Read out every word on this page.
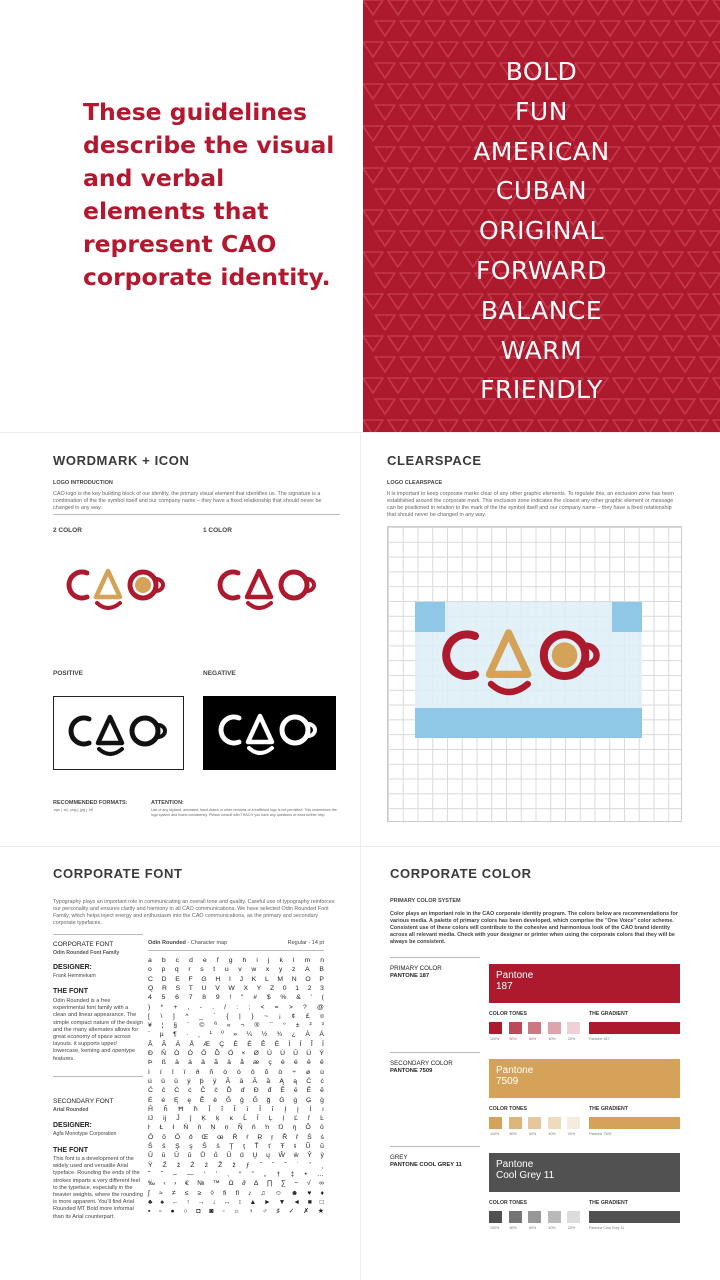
These guidelines describe the visual and verbal elements that represent CAO corporate identity.
BOLD
FUN
AMERICAN
CUBAN
ORIGINAL
FORWARD
BALANCE
WARM
FRIENDLY
WORDMARK + ICON
LOGO INTRODUCTION
CAO logo is the key building block of our identity, the primary visual element that identifies us. The signature is a combination of the the symbol itself and our company name – they have a fixed relationship that should never be changed in any way.
2 COLOR	1 COLOR
POSITIVE	NEGATIVE
RECOMMENDED FORMATS:
.eps | .ai | .png | .jpg | .tiff
ATTENTION:
Use of any stylized, animated, hand drawn or other versions of a trafficked logo is not permitted. This undermines the logo system and brand consistency. Please consult with THAO if you have any questions or need further help.
CLEARSPACE
LOGO CLEARSPACE
It is important to keep corporate marks clear of any other graphic elements. To regulate this, an exclusion zone has been established around the corporate mark. This exclusion zone indicates the closest any other graphic element or message can be positioned in relation to the mark of the the symbol itself and our company name – they have a fixed relationship that should never be changed in any way.
CORPORATE FONT
Typography plays an important role in communicating an overall tone and quality. Careful use of typography reinforces our personality and ensures clarity and harmony in all CAO communications. We have selected Odin Rounded Font Family, which helps inject energy and enthusiasm into the CAO communications, as the primary and secondary corporate typefaces.
CORPORATE FONT
Odin Rounded Font Family
DESIGNER:
Frank Hemmekam
THE FONT
Odin Rounded is a free experimental font family with a clean and linear appearance. The simple compact nature of the design and the many alternates allows for great economy of space across layouts. it supports upper/ lowercase, kerning and opentype features.
SECONDARY FONT
Arial Rounded
DESIGNER:
Agfa Monotype Corporation
THE FONT
This font is a development of the widely used and versatile Arial typeface. Rounding the ends of the strokes imparts a very different feel to the typeface, especially in the heavier weights, where the rounding is more apparent. You'll find Arial Rounded MT Bold more informal than its Arial counterpart.
Odin Rounded - Character map	Regular - 14 pt
a b c d e f g h i j k l m n
o p q r s t u v w x y z A B
C D E F G H I J K L M N O P
Q R S T U V W X Y Z 0 1 2 3
4 5 6 7 8 9 ! " # $ % & ' (
) * + , - . / : ; < = > ? @
[ \ ] ^ _ ` { | } ~ ¡ ¢ £ ¤
¥ ¦ § ¨ © ª « ¬ ® ¯ ° ± ² ³
´ µ ¶ · ¸ ¹ º » ¼ ½ ¾ ¿ À Á
Â Ã Ä Å Æ Ç È É Ê Ë Ì Í Î Ï
Ð Ñ Ò Ó Ô Õ Ö × Ø Ù Ú Û Ü Ý
Þ ß à á â ã ä å æ ç è é ê ë
ì í î ï ð ñ ò ó ô õ ö ÷ ø ù
ú û ü ý þ ÿ Ā ā Ă ă Ą ą Ć ć
Ĉ ĉ Ċ ċ Č č Ď ď Đ đ Ē ē Ĕ ĕ
Ė ė Ę ę Ě ě Ĝ ĝ Ğ ğ Ġ ġ Ģ ģ
Ĥ ĥ Ħ ħ Ĩ ĩ Ī ī Ĭ ĭ Į į İ ı
Ĳ ĳ Ĵ ĵ Ķ ķ ĸ Ĺ ĺ Ļ ļ Ľ ľ Ŀ
ŀ Ł ł Ń ń Ņ ņ Ň ň ŉ Ŋ ŋ Ō ō
Ŏ ŏ Ő ő Œ œ Ŕ ŕ Ŗ ŗ Ř ř Ś ś
Ŝ ŝ Ş ş Š š Ţ ţ Ť ť Ŧ ŧ Ũ ũ
Ū ū Ŭ ŭ Ů ů Ű ű Ų ų Ŵ ŵ Ŷ ŷ
Ÿ Ź ź Ż ż Ž ž ƒ ˆ ˇ ˘ ˙ ˚ ˛
˜ ˝ – — ‘ ’ ‚ “ ” „ † ‡ • …
‰ ‹ › € № ™ Ω ∂ ∆ ∏ ∑ − √ ∞
∫ ≈ ≠ ≤ ≥ ◊ ﬁ ﬂ ♪ ♫ ☺ ☻ ♥ ♦
♣ ♠ ← ↑ → ↓ ↔ ↕ ▲ ► ▼ ◄ ■ □
▪ ▫ ● ○ ◘ ◙ ◦ ☼ ♀ ♂ ♯ ✓ ✗ ★
CORPORATE COLOR
PRIMARY COLOR SYSTEM
Color plays an important role in the CAO corporate identity program. The colors below are recommendations for various media. A palette of primary colors has been developed, which comprise the "One Voice" color scheme. Consistent use of these colors will contribute to the cohesive and harmonious look of the CAO brand identity across all relevant media. Check with your designer or printer when using the corporate colors that they will be always be consistent.
PRIMARY COLOR
PANTONE 187	Pantone
187
COLOR TONES	THE GRADIENT
100%	80%	60%	40%	20%	Pantone 187
SECONDARY COLOR
PANTONE 7509	Pantone
7509
COLOR TONES	THE GRADIENT
100%	80%	60%	40%	20%	Pantone 7509
GREY
PANTONE COOL GREY 11	Pantone
Cool Grey 11
COLOR TONES	THE GRADIENT
100%	80%	60%	40%	20%	Pantone Cool Grey 11
